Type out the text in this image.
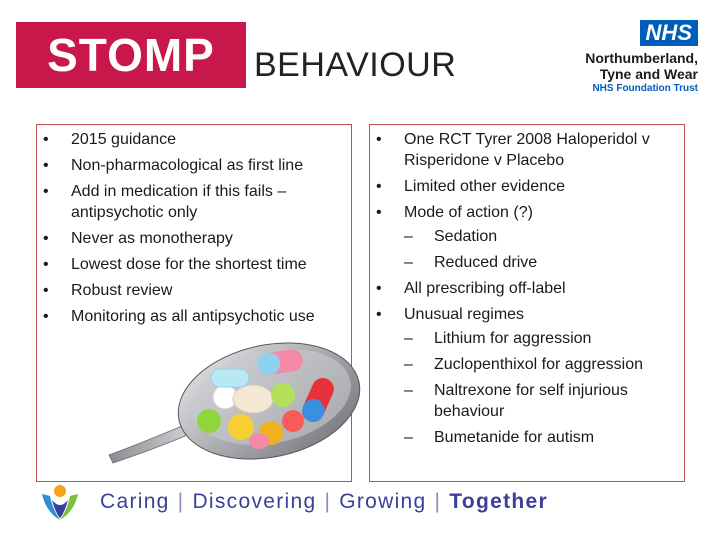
STOMP BEHAVIOUR
NHS
Northumberland,
Tyne and Wear
NHS Foundation Trust
• 2015 guidance
• Non-pharmacological as first line
• Add in medication if this fails – antipsychotic only
• Never as monotherapy
• Lowest dose for the shortest time
• Robust review
• Monitoring as all antipsychotic use
• One RCT Tyrer 2008 Haloperidol v Risperidone v Placebo
• Limited other evidence
• Mode of action (?)
– Sedation
– Reduced drive
• All prescribing off-label
• Unusual regimes
– Lithium for aggression
– Zuclopenthixol for aggression
– Naltrexone for self injurious behaviour
– Bumetanide for autism
Caring | Discovering | Growing | Together
